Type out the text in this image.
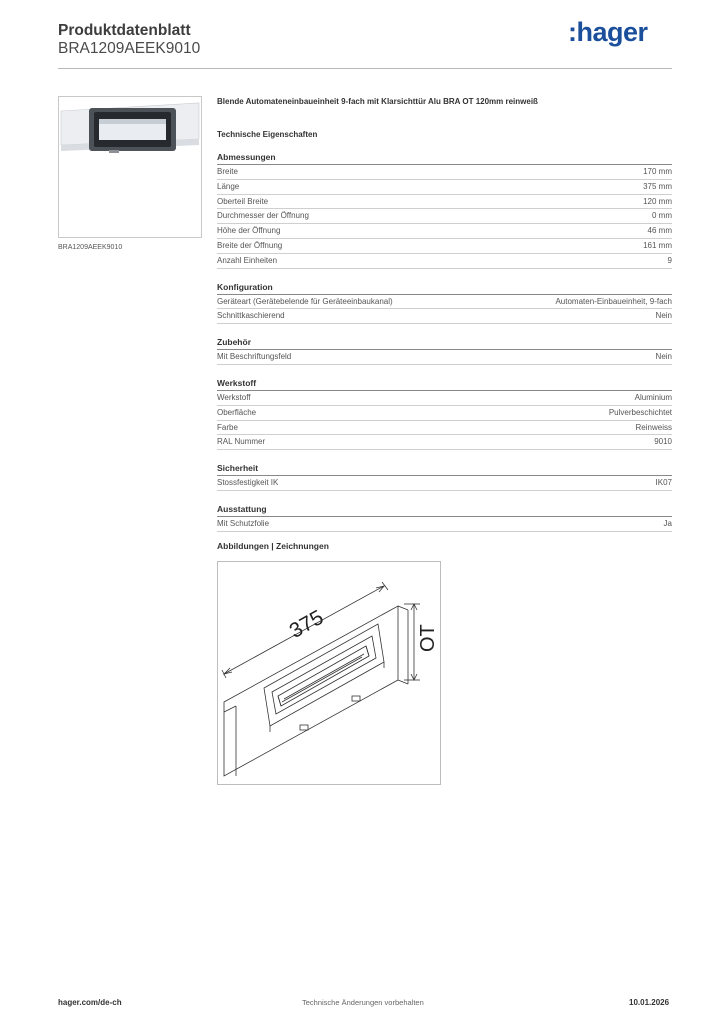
Produktdatenblatt
BRA1209AEEK9010
:hager
BRA1209AEEK9010
Blende Automateneinbaueinheit 9-fach mit Klarsichttür Alu BRA OT 120mm reinweiß
Technische Eigenschaften
Abmessungen
Breite	170 mm
Länge	375 mm
Oberteil Breite	120 mm
Durchmesser der Öffnung	0 mm
Höhe der Öffnung	46 mm
Breite der Öffnung	161 mm
Anzahl Einheiten	9
Konfiguration
Geräteart (Gerätebelende für Geräteeinbaukanal)	Automaten-Einbaueinheit, 9-fach
Schnittkaschierend	Nein
Zubehör
Mit Beschriftungsfeld	Nein
Werkstoff
Werkstoff	Aluminium
Oberfläche	Pulverbeschichtet
Farbe	Reinweiss
RAL Nummer	9010
Sicherheit
Stossfestigkeit IK	IK07
Ausstattung
Mit Schutzfolie	Ja
Abbildungen | Zeichnungen
375	OT
hager.com/de-ch	Technische Änderungen vorbehalten	10.01.2026
